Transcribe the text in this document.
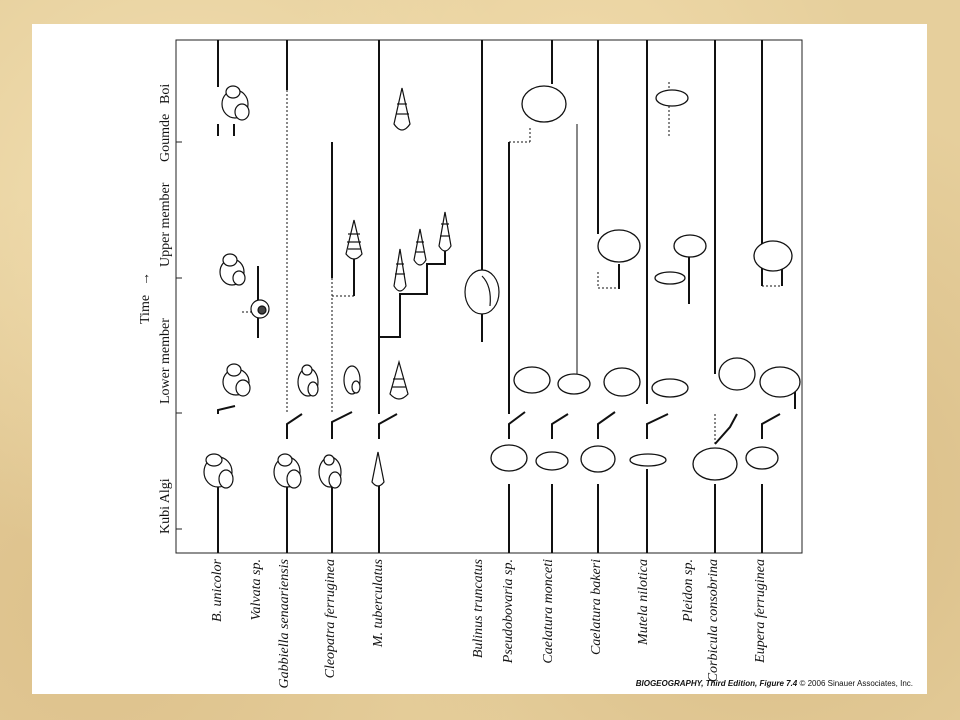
Kubi Algi
Lower member
Upper member
Goumde
Boi
Time
→
B. unicolor Valvata sp. Gabbiella senaariensis Cleopatra ferruginea M. tuberculatus	Bulinus truncatus Pseudobovaria sp. Caelatura monceti Caelatura bakeri Mutela nilotica Pleidon sp. Corbicula consobrina Eupera ferruginea
BIOGEOGRAPHY, Third Edition, Figure 7.4 © 2006 Sinauer Associates, Inc.
